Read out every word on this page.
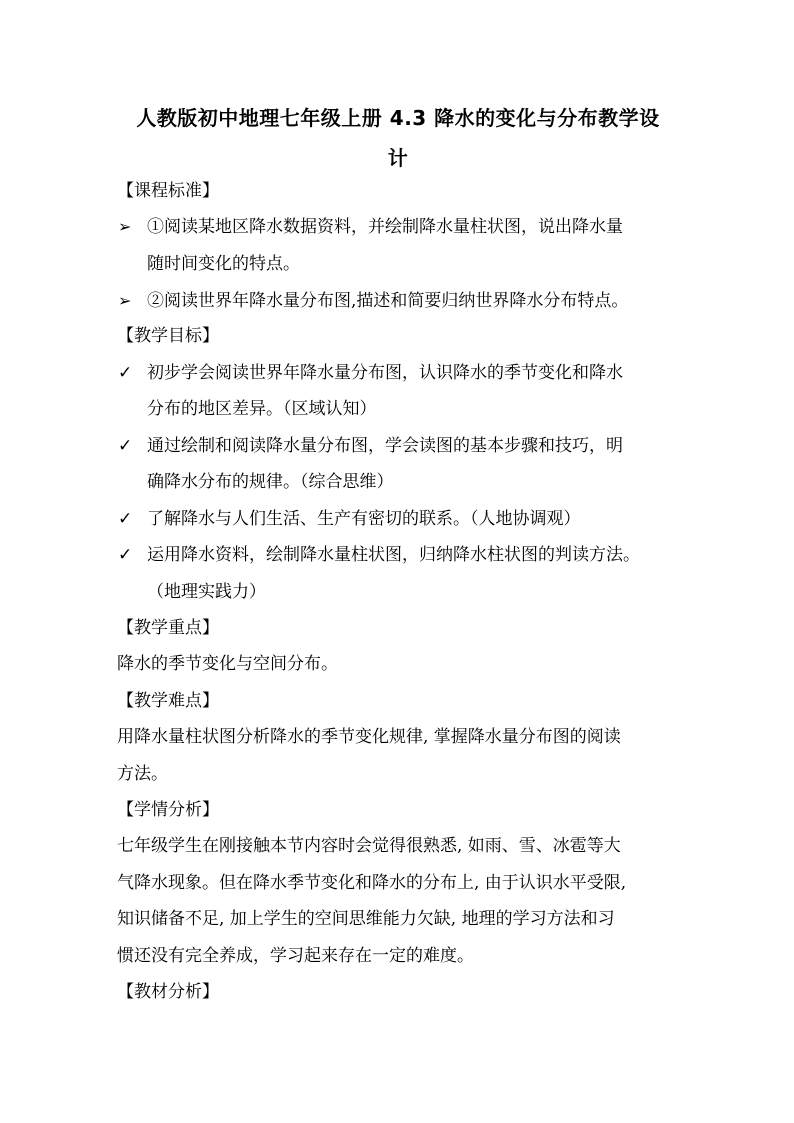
人教版初中地理七年级上册 4.3 降水的变化与分布教学设
计
【课程标准】
➢ ①阅读某地区降水数据资料，并绘制降水量柱状图，说出降水量
随时间变化的特点。
➢ ②阅读世界年降水量分布图,描述和简要归纳世界降水分布特点。
【教学目标】
✓ 初步学会阅读世界年降水量分布图，认识降水的季节变化和降水
分布的地区差异。（区域认知）
✓ 通过绘制和阅读降水量分布图，学会读图的基本步骤和技巧，明
确降水分布的规律。（综合思维）
✓ 了解降水与人们生活、生产有密切的联系。（人地协调观）
✓ 运用降水资料，绘制降水量柱状图，归纳降水柱状图的判读方法。
（地理实践力）
【教学重点】
降水的季节变化与空间分布。
【教学难点】
用降水量柱状图分析降水的季节变化规律, 掌握降水量分布图的阅读
方法。
【学情分析】
七年级学生在刚接触本节内容时会觉得很熟悉, 如雨、雪、冰雹等大
气降水现象。但在降水季节变化和降水的分布上, 由于认识水平受限,
知识储备不足, 加上学生的空间思维能力欠缺, 地理的学习方法和习
惯还没有完全养成，学习起来存在一定的难度。
【教材分析】
